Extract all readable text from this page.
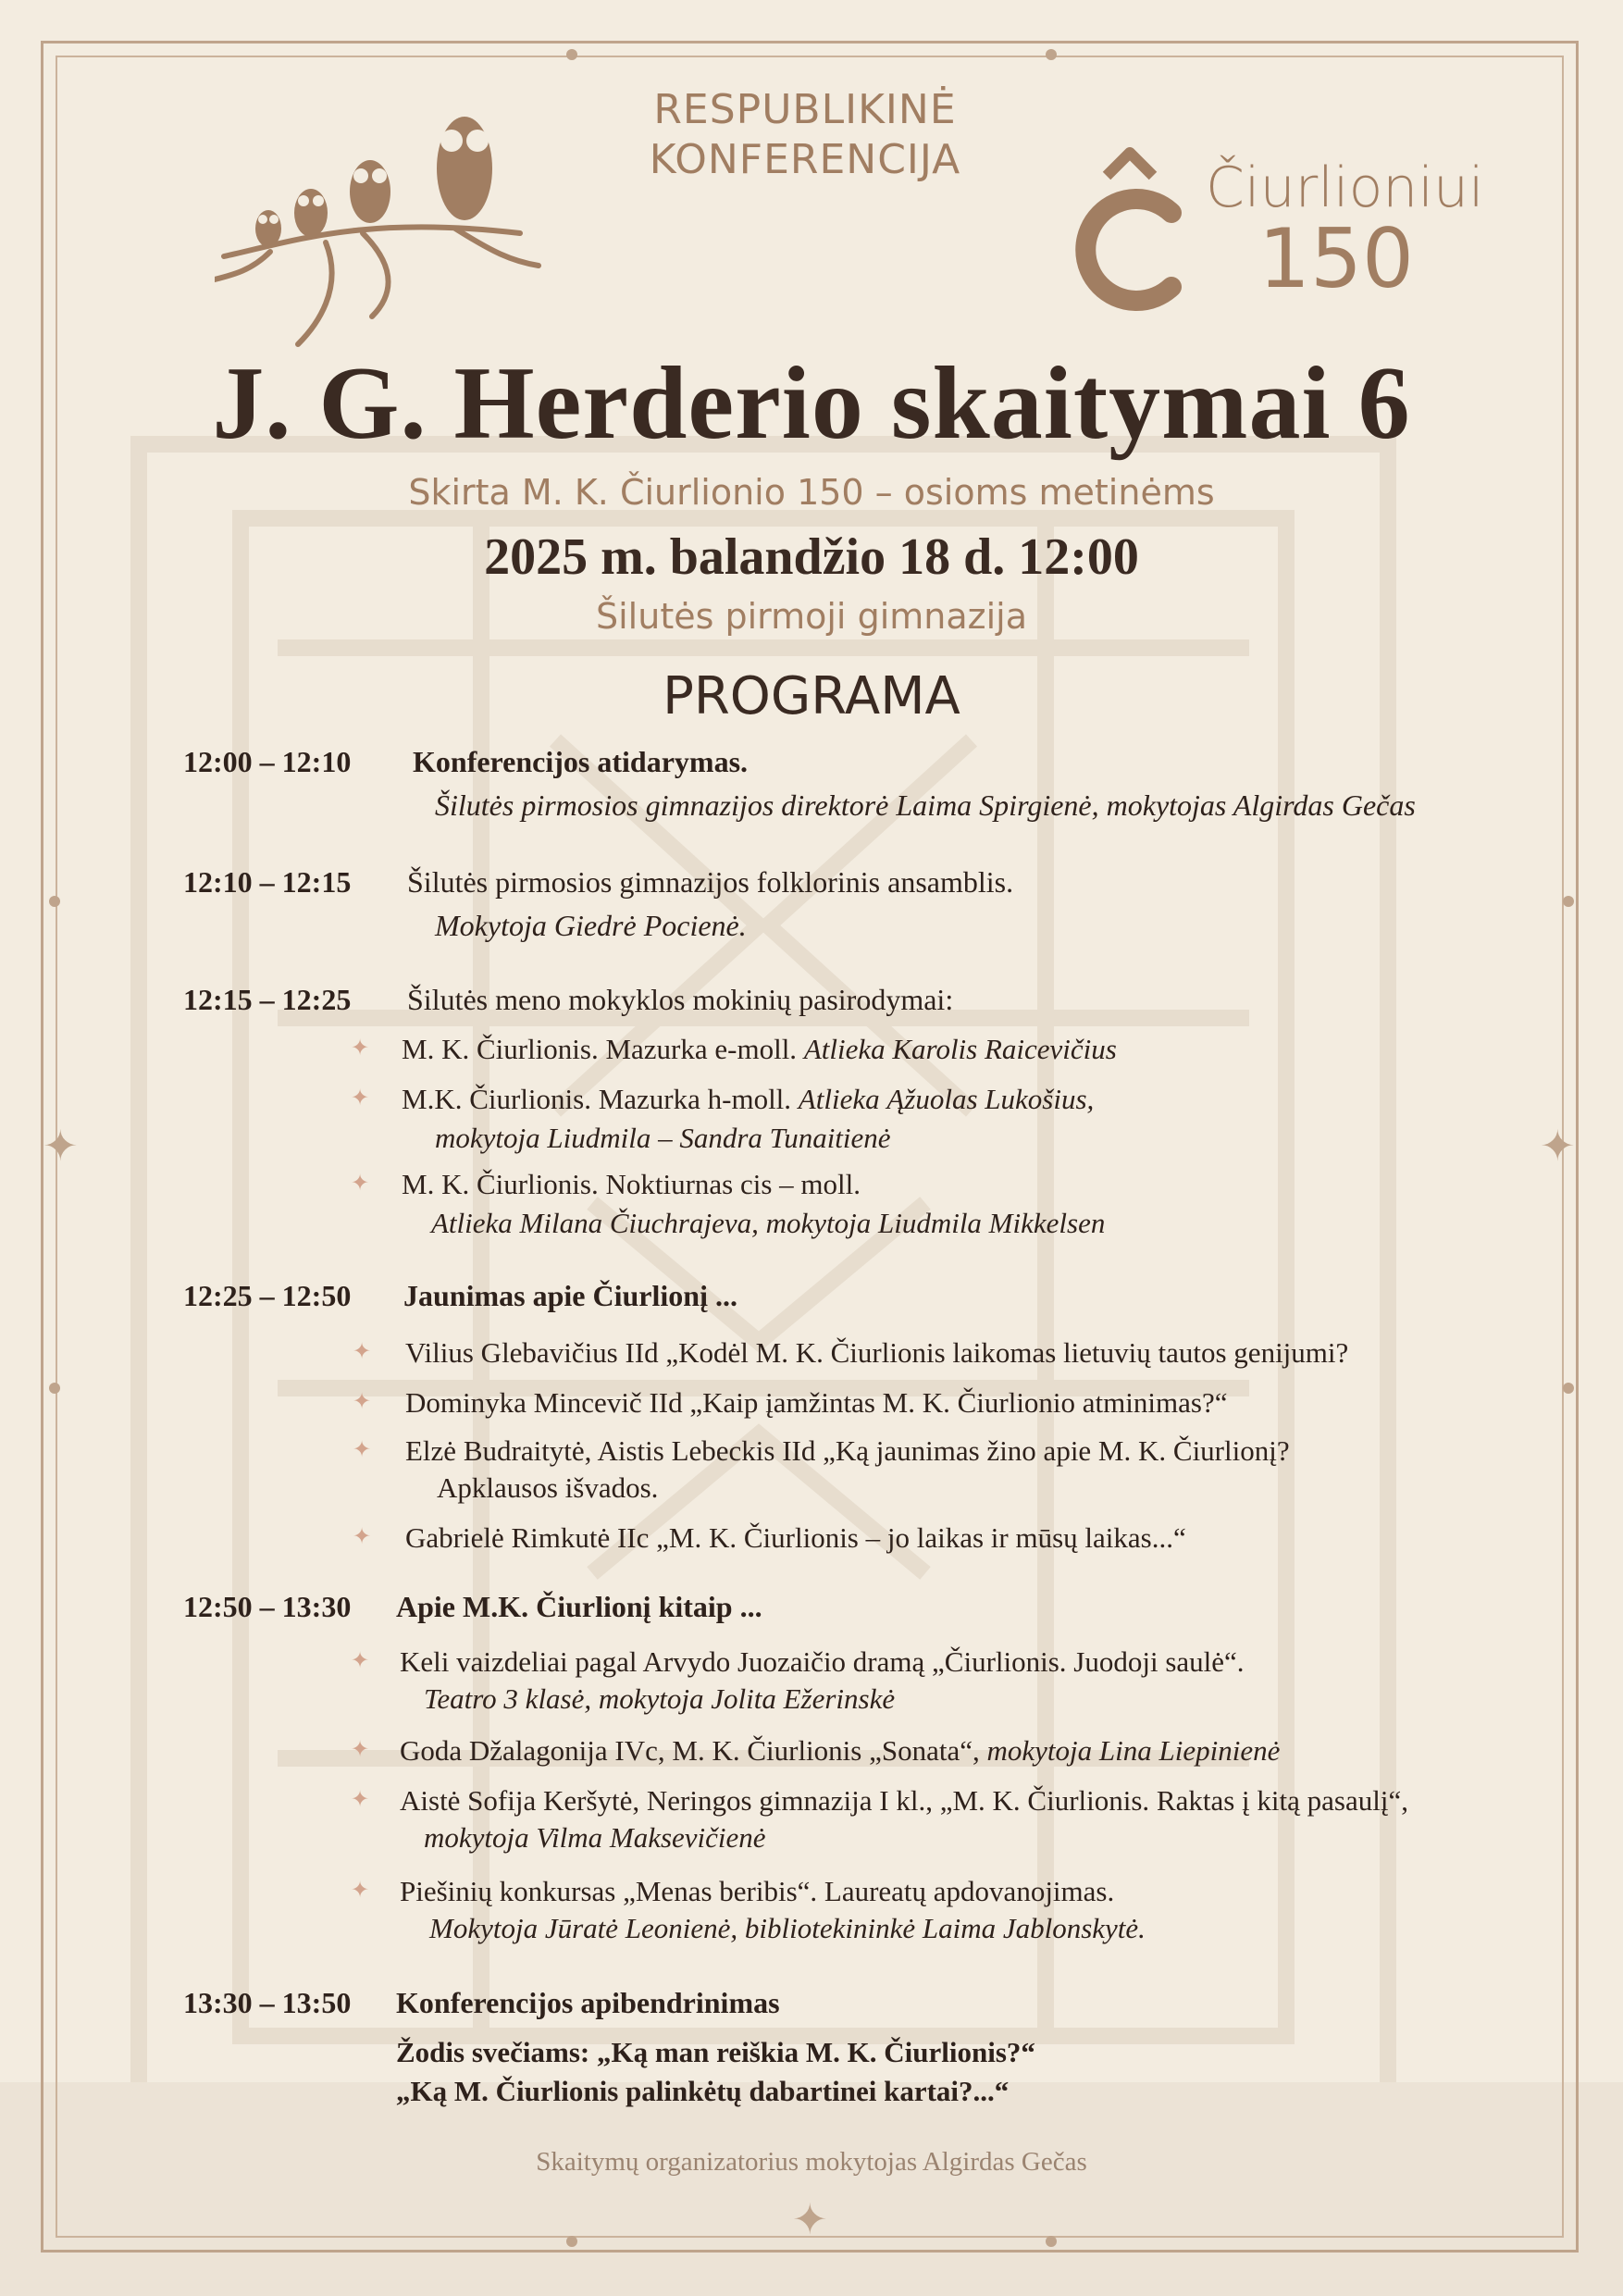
✦	✦
✦
RESPUBLIKINĖ
KONFERENCIJA	Čiurlioniui
150
J. G. Herderio skaitymai 6
Skirta M. K. Čiurlionio 150 – osioms metinėms
2025 m. balandžio 18 d. 12:00
Šilutės pirmoji gimnazija
PROGRAMA
12:00 – 12:10 Konferencijos atidarymas.
Šilutės pirmosios gimnazijos direktorė Laima Spirgienė, mokytojas Algirdas Gečas
12:10 – 12:15 Šilutės pirmosios gimnazijos folklorinis ansamblis.
Mokytoja Giedrė Pocienė.
12:15 – 12:25 Šilutės meno mokyklos mokinių pasirodymai:
✦ M. K. Čiurlionis. Mazurka e-moll. Atlieka Karolis Raicevičius
✦ M.K. Čiurlionis. Mazurka h-moll. Atlieka Ąžuolas Lukošius,
mokytoja Liudmila – Sandra Tunaitienė
✦ M. K. Čiurlionis. Noktiurnas cis – moll.
Atlieka Milana Čiuchrajeva, mokytoja Liudmila Mikkelsen
12:25 – 12:50 Jaunimas apie Čiurlionį ...
✦ Vilius Glebavičius IId „Kodėl M. K. Čiurlionis laikomas lietuvių tautos genijumi?
✦ Dominyka Mincevič IId „Kaip įamžintas M. K. Čiurlionio atminimas?“
✦ Elzė Budraitytė, Aistis Lebeckis IId „Ką jaunimas žino apie M. K. Čiurlionį?
Apklausos išvados.
✦ Gabrielė Rimkutė IIc „M. K. Čiurlionis – jo laikas ir mūsų laikas...“
12:50 – 13:30 Apie M.K. Čiurlionį kitaip ...
✦ Keli vaizdeliai pagal Arvydo Juozaičio dramą „Čiurlionis. Juodoji saulė“.
Teatro 3 klasė, mokytoja Jolita Ežerinskė
✦ Goda Džalagonija IVc, M. K. Čiurlionis „Sonata“, mokytoja Lina Liepinienė
✦ Aistė Sofija Keršytė, Neringos gimnazija I kl., „M. K. Čiurlionis. Raktas į kitą pasaulį“,
mokytoja Vilma Maksevičienė
✦ Piešinių konkursas „Menas beribis“. Laureatų apdovanojimas.
Mokytoja Jūratė Leonienė, bibliotekininkė Laima Jablonskytė.
13:30 – 13:50 Konferencijos apibendrinimas
Žodis svečiams: „Ką man reiškia M. K. Čiurlionis?“
„Ką M. Čiurlionis palinkėtų dabartinei kartai?...“
Skaitymų organizatorius mokytojas Algirdas Gečas
